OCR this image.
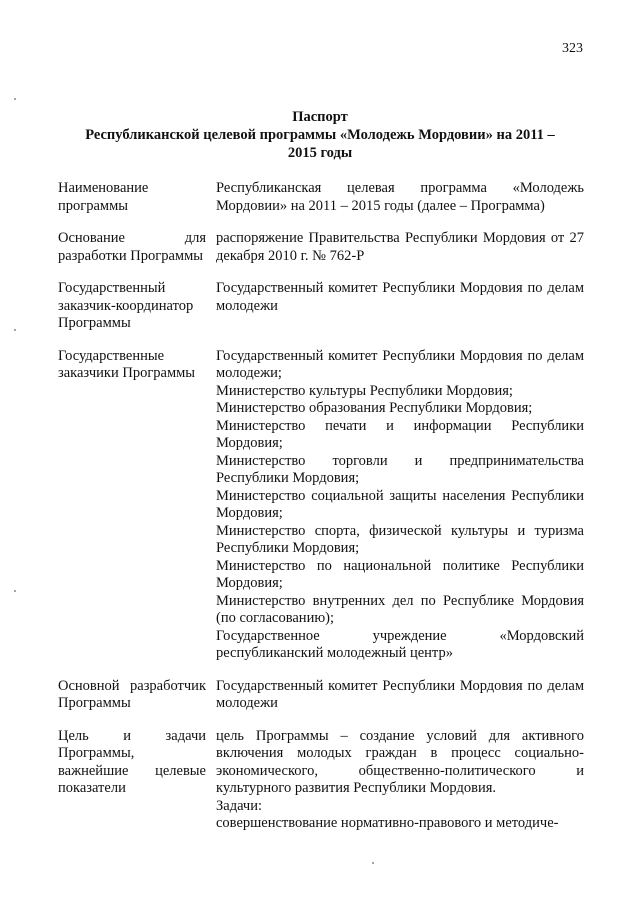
323
Паспорт
Республиканской целевой программы «Молодежь Мордовии» на 2011 –
2015 годы
Наименование программы

Республиканская целевая программа «Молодежь Мордовии» на 2011 – 2015 годы (далее – Программа)

Основание для разработки Программы

распоряжение Правительства Республики Мордовия от 27 декабря 2010 г. № 762-Р

Государственный заказчик-координатор Программы

Государственный комитет Республики Мордовия по делам молодежи

Государственные заказчики Программы

Государственный комитет Республики Мордовия по делам молодежи;

Министерство культуры Республики Мордовия;

Министерство образования Республики Мордовия;

Министерство печати и информации Республики Мордовия;

Министерство торговли и предпринимательства Республики Мордовия;

Министерство социальной защиты населения Республики Мордовия;

Министерство спорта, физической культуры и туризма Республики Мордовия;

Министерство по национальной политике Республики Мордовия;

Министерство внутренних дел по Республике Мордовия (по согласованию);

Государственное учреждение «Мордовский республиканский молодежный центр»

Основной разработчик Программы

Государственный комитет Республики Мордовия по делам молодежи

Цель и задачи Программы, важнейшие целевые показатели

цель Программы – создание условий для активного включения молодых граждан в процесс социально-экономического, общественно-политического и культурного развития Республики Мордовия.

Задачи:

совершенствование нормативно-правового и методиче-
